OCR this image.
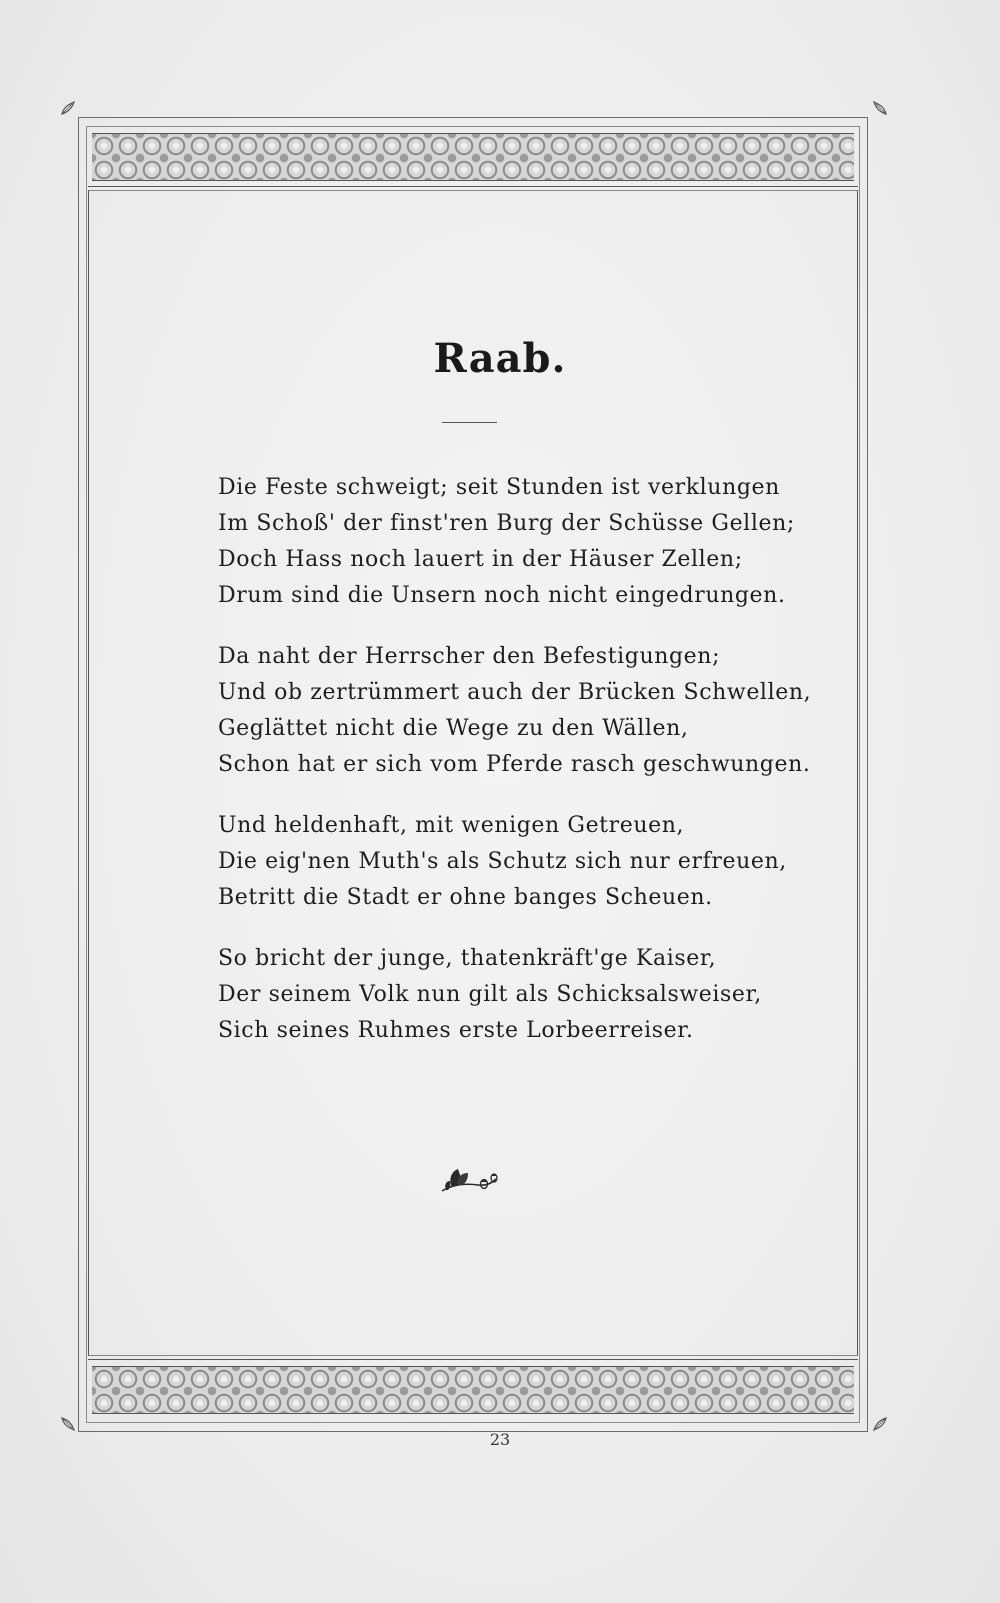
Raab.
Die Feste schweigt; seit Stunden ist verklungen
Im Schoß' der finst'ren Burg der Schüsse Gellen;
Doch Hass noch lauert in der Häuser Zellen;
Drum sind die Unsern noch nicht eingedrungen.
Da naht der Herrscher den Befestigungen;
Und ob zertrümmert auch der Brücken Schwellen,
Geglättet nicht die Wege zu den Wällen,
Schon hat er sich vom Pferde rasch geschwungen.
Und heldenhaft, mit wenigen Getreuen,
Die eig'nen Muth's als Schutz sich nur erfreuen,
Betritt die Stadt er ohne banges Scheuen.
So bricht der junge, thatenkräft'ge Kaiser,
Der seinem Volk nun gilt als Schicksalsweiser,
Sich seines Ruhmes erste Lorbeerreiser.
23
